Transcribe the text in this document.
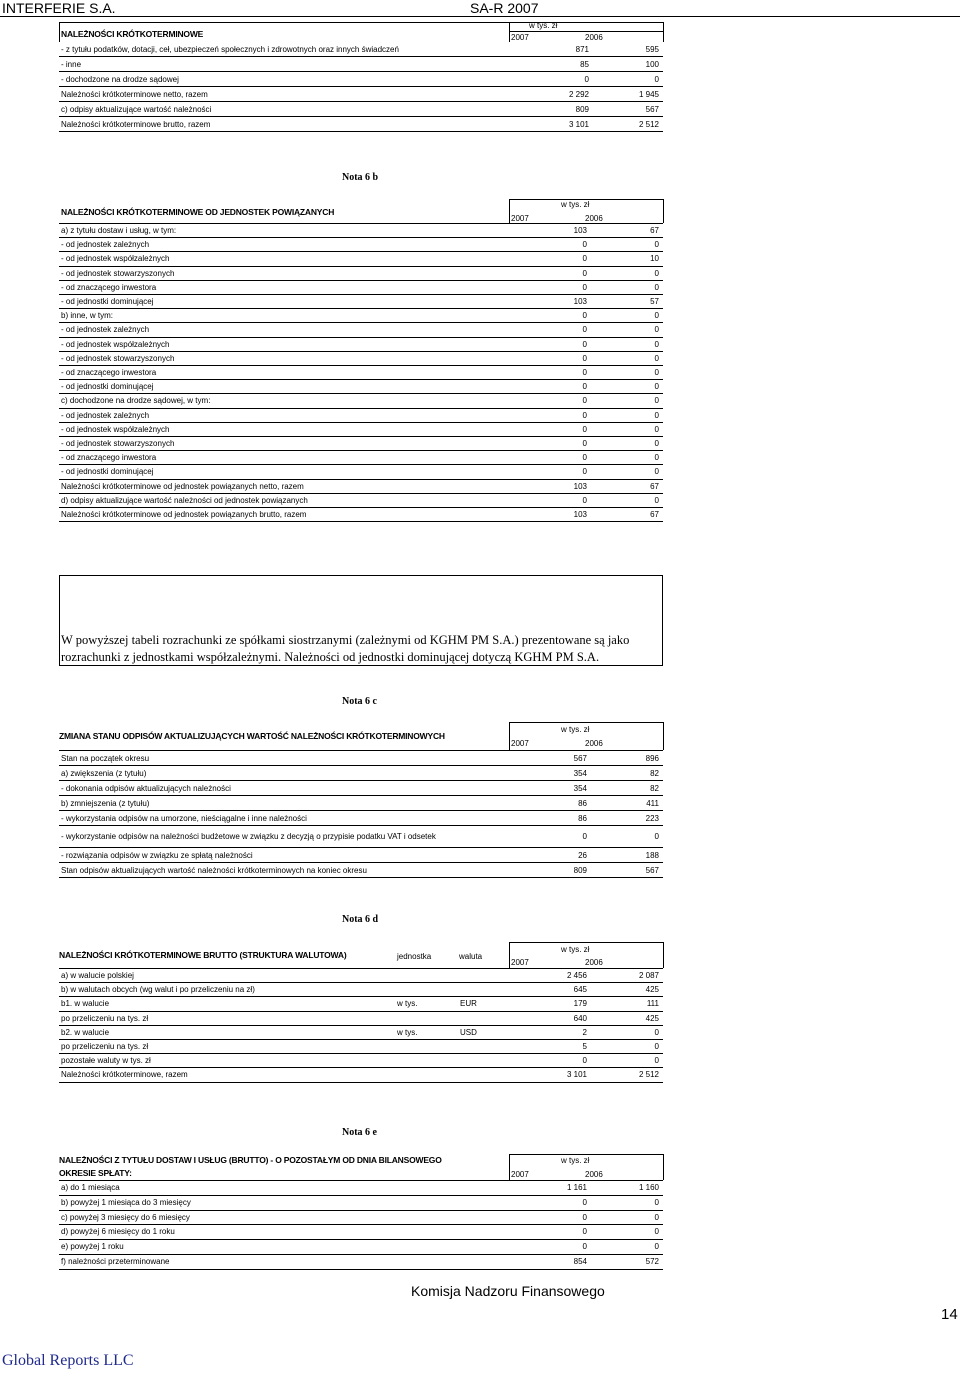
INTERFERIE S.A.	SA-R 2007
NALEŻNOŚCI KRÓTKOTERMINOWE
w tys. zł
2007	2006
- z tytułu podatków, dotacji, ceł, ubezpieczeń społecznych i zdrowotnych oraz innych świadczeń	871	595
- inne	85	100
- dochodzone na drodze sądowej	0	0
Należności krótkoterminowe netto, razem	2 292	1 945
c) odpisy aktualizujące wartość należności	809	567
Należności krótkoterminowe brutto, razem	3 101	2 512
Nota 6 b
NALEŻNOŚCI KRÓTKOTERMINOWE OD JEDNOSTEK POWIĄZANYCH
w tys. zł
2007	2006
a) z tytułu dostaw i usług, w tym:	103	67
- od jednostek zależnych	0	0
- od jednostek współzależnych	0	10
- od jednostek stowarzyszonych	0	0
- od znaczącego inwestora	0	0
- od jednostki dominującej	103	57
b) inne, w tym:	0	0
- od jednostek zależnych	0	0
- od jednostek współzależnych	0	0
- od jednostek stowarzyszonych	0	0
- od znaczącego inwestora	0	0
- od jednostki dominującej	0	0
c) dochodzone na drodze sądowej, w tym:	0	0
- od jednostek zależnych	0	0
- od jednostek współzależnych	0	0
- od jednostek stowarzyszonych	0	0
- od znaczącego inwestora	0	0
- od jednostki dominującej	0	0
Należności krótkoterminowe od jednostek powiązanych netto, razem	103	67
d) odpisy aktualizujące wartość należności od jednostek powiązanych	0	0
Należności krótkoterminowe od jednostek powiązanych brutto, razem	103	67

W powyższej tabeli rozrachunki ze spółkami siostrzanymi (zależnymi od KGHM PM S.A.) prezentowane są jako rozrachunki z jednostkami współzależnymi. Należności od jednostki dominującej dotyczą KGHM PM S.A.

Nota 6 c
ZMIANA STANU ODPISÓW AKTUALIZUJĄCYCH WARTOŚĆ NALEŻNOŚCI KRÓTKOTERMINOWYCH
w tys. zł
2007	2006
Stan na początek okresu	567	896
a) zwiększenia (z tytułu)	354	82
- dokonania odpisów aktualizujących należności	354	82
b) zmniejszenia (z tytułu)	86	411
- wykorzystania odpisów na umorzone, nieściągalne i inne należności	86	223
- wykorzystanie odpisów na należności budżetowe w związku z decyzją o przypisie podatku VAT i odsetek	0	0
- rozwiązania odpisów w związku ze spłatą należności	26	188
Stan odpisów aktualizujących wartość należności krótkoterminowych na koniec okresu	809	567
Nota 6 d
NALEŻNOŚCI KRÓTKOTERMINOWE BRUTTO (STRUKTURA WALUTOWA)	jednostka	waluta
w tys. zł
2007	2006
a) w walucie polskiej	2 456	2 087
b) w walutach obcych (wg walut i po przeliczeniu na zł)	645	425
b1. w walucie	w tys.	EUR	179	111
po przeliczeniu na tys. zł	640	425
b2. w walucie	w tys.	USD	2	0
po przeliczeniu na tys. zł	5	0
pozostałe waluty w tys. zł	0	0
Należności krótkoterminowe, razem	3 101	2 512
Nota 6 e
NALEŻNOŚCI Z TYTUŁU DOSTAW I USŁUG (BRUTTO) - O POZOSTAŁYM OD DNIA BILANSOWEGO
OKRESIE SPŁATY:
w tys. zł
2007	2006
a) do 1 miesiąca	1 161	1 160
b) powyżej 1 miesiąca do 3 miesięcy	0	0
c) powyżej 3 miesięcy do 6 miesięcy	0	0
d) powyżej 6 miesięcy do 1 roku	0	0
e) powyżej 1 roku	0	0
f) należności przeterminowane	854	572
Komisja Nadzoru Finansowego
14
Global Reports LLC
